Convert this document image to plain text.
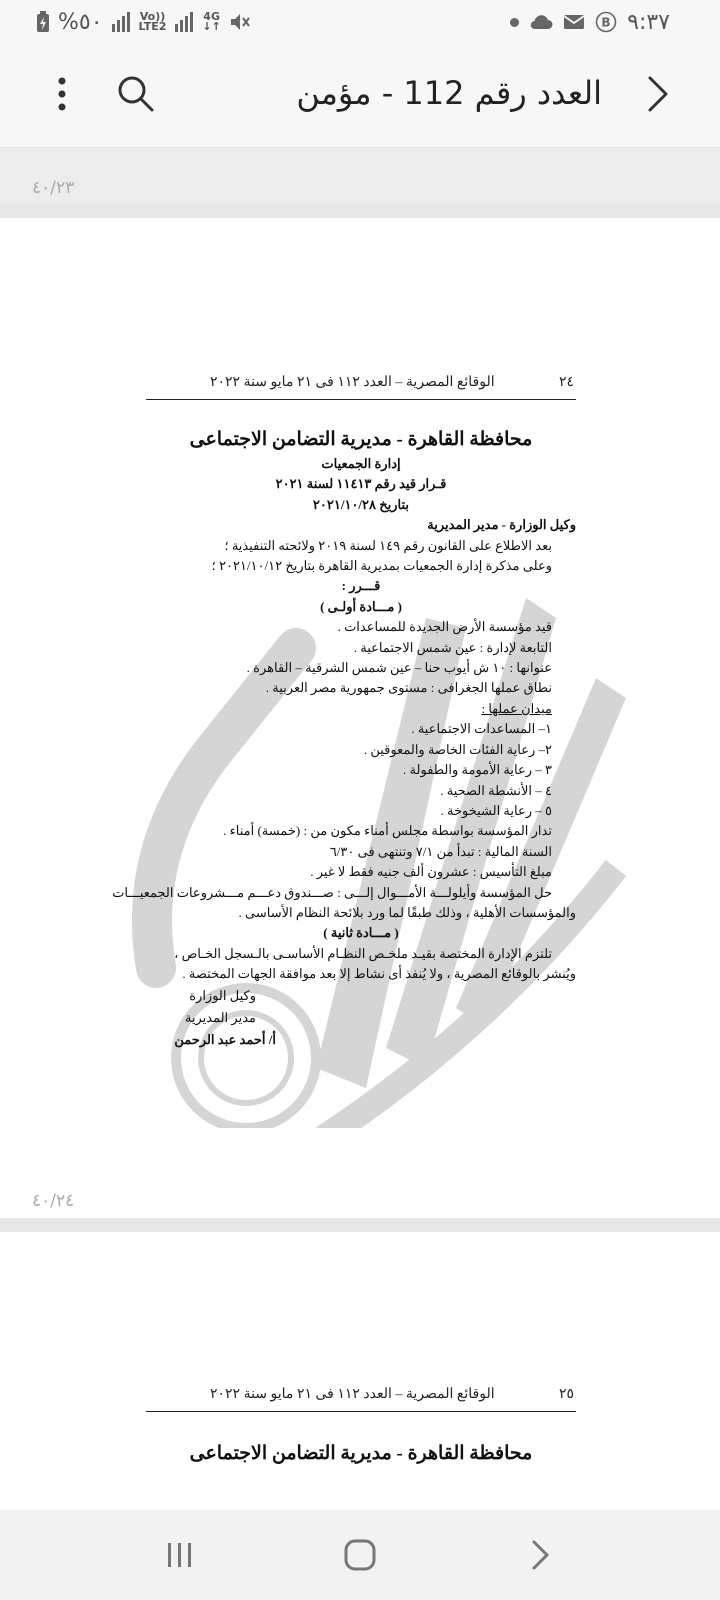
%٥٠	Vo))
LTE2
4G
↓↑	B ٩:٣٧
العدد رقم 112 - مؤمن
٤٠/٢٣
٢٤
الوقائع المصرية – العدد ١١٢ فى ٢١ مايو سنة ٢٠٢٢
محافظة القاهرة - مديرية التضامن الاجتماعى
إدارة الجمعيات
قـرار قيد رقم ١١٤١٣ لسنة ٢٠٢١
بتاريخ ٢٠٢١/١٠/٢٨
وكيل الوزارة - مدير المديرية
بعد الاطلاع على القانون رقم ١٤٩ لسنة ٢٠١٩ ولائحته التنفيذية ؛
وعلى مذكرة إدارة الجمعيات بمديرية القاهرة بتاريخ ٢٠٢١/١٠/١٢ ؛
قـــرر :
( مـــادة أولـى )
قيد مؤسسة الأرض الجديدة للمساعدات .
التابعة لإدارة : عين شمس الاجتماعية .
عنوانها : ١٠ ش أيوب حنا – عين شمس الشرقية – القاهرة .
نطاق عملها الجغرافى : مستوى جمهورية مصر العربية .
ميدان عملها :
١– المساعدات الاجتماعية .
٢– رعاية الفئات الخاصة والمعوقين .
٣ – رعاية الأمومة والطفولة .
٤ – الأنشطة الصحية .
٥ – رعاية الشيخوخة .
تدار المؤسسة بواسطة مجلس أمناء مكون من : (خمسة) أمناء .
السنة المالية : تبدأ من ٧/١ وتنتهى فى ٦/٣٠
مبلغ التأسيس : عشرون ألف جنيه فقط لا غير .
حل المؤسسة وأيلولـــة الأمـــوال إلـــى : صـــندوق دعـــم مـــشروعات الجمعيـــات
والمؤسسات الأهلية ، وذلك طبقًا لما ورد بلائحة النظام الأساسى .
( مـــادة ثانية )
تلتزم الإدارة المختصة بقيـد ملخـص النظـام الأساسـى بالـسجل الخـاص ،
ويُنشر بالوقائع المصرية ، ولا يُنفذ أى نشاط إلا بعد موافقة الجهات المختصة .
وكيل الوزارة
مدير المديرية
أ/ أحمد عبد الرحمن
٤٠/٢٤
٢٥
الوقائع المصرية – العدد ١١٢ فى ٢١ مايو سنة ٢٠٢٢
محافظة القاهرة - مديرية التضامن الاجتماعى
